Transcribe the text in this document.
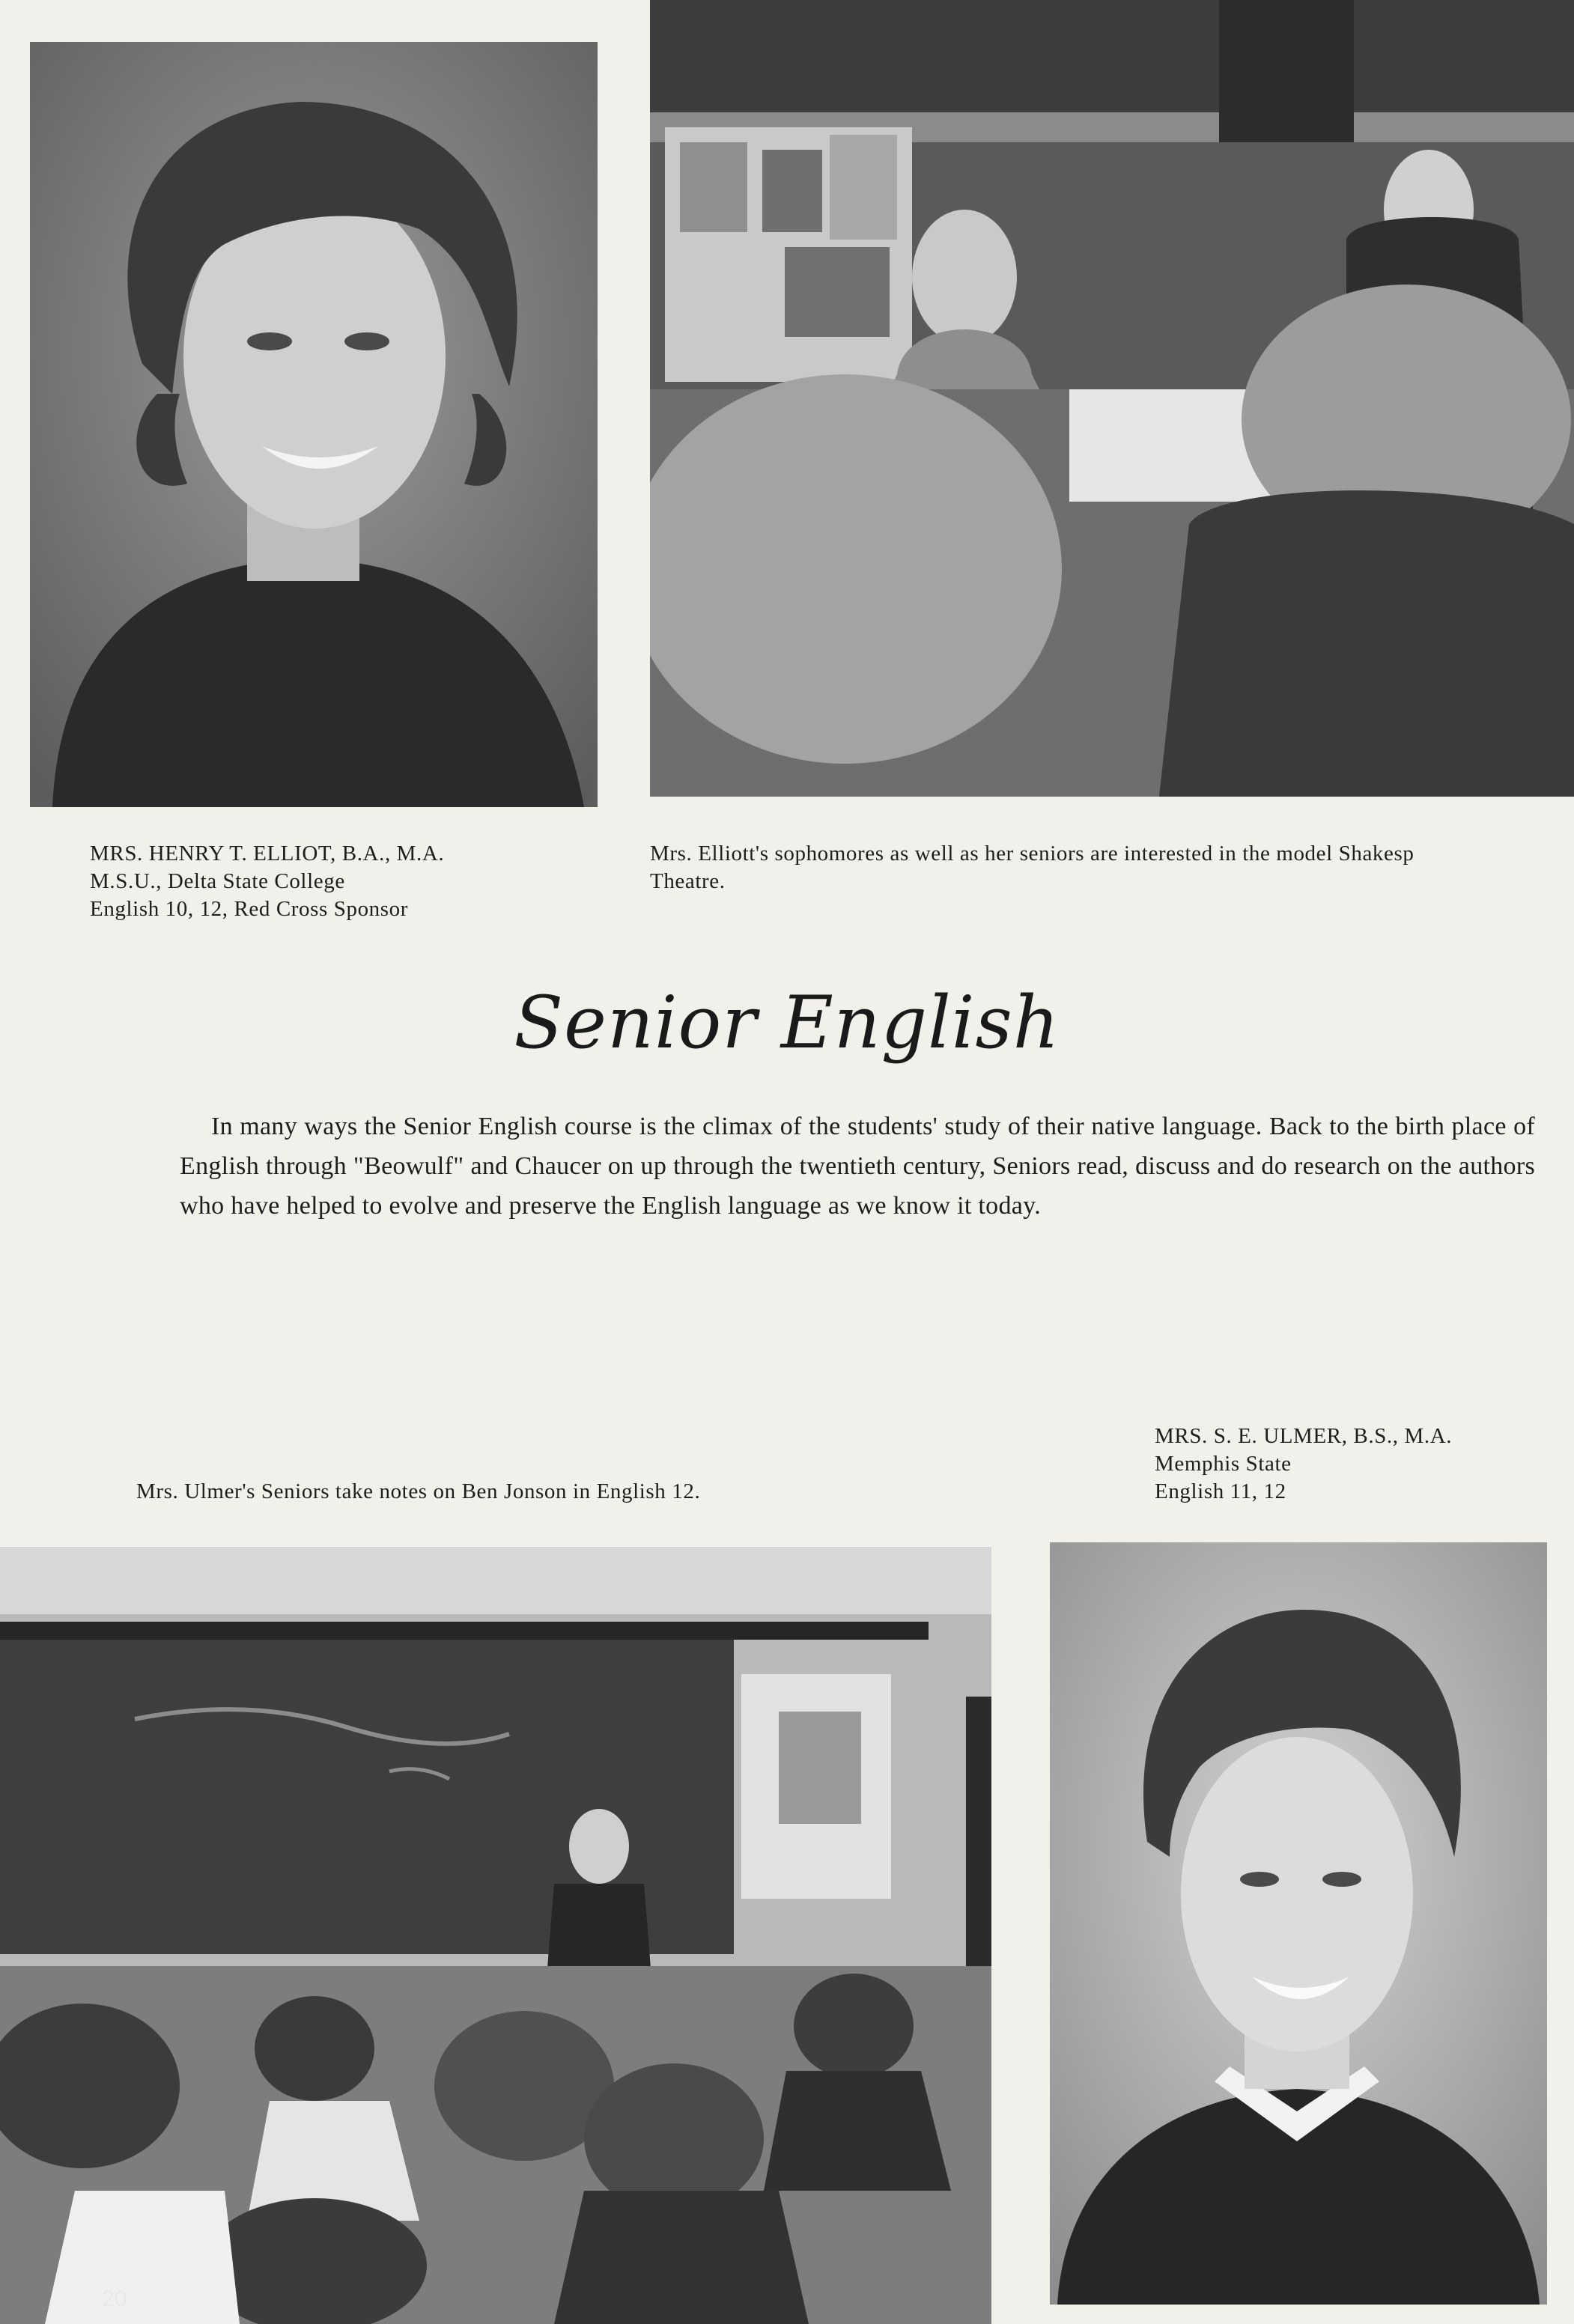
MRS. HENRY T. ELLIOT, B.A., M.A.
M.S.U., Delta State College
English 10, 12, Red Cross Sponsor
Mrs. Elliott's sophomores as well as her seniors are interested in the model Shakesp
Theatre.
Senior English
In many ways the Senior English course is the climax of the students' study of their native language. Back to the birth place of English through "Beowulf" and Chaucer on up through the twentieth century, Seniors read, discuss and do research on the authors who have helped to evolve and preserve the English language as we know it today.
Mrs. Ulmer's Seniors take notes on Ben Jonson in English 12.
MRS. S. E. ULMER, B.S., M.A.
Memphis State
English 11, 12
20
